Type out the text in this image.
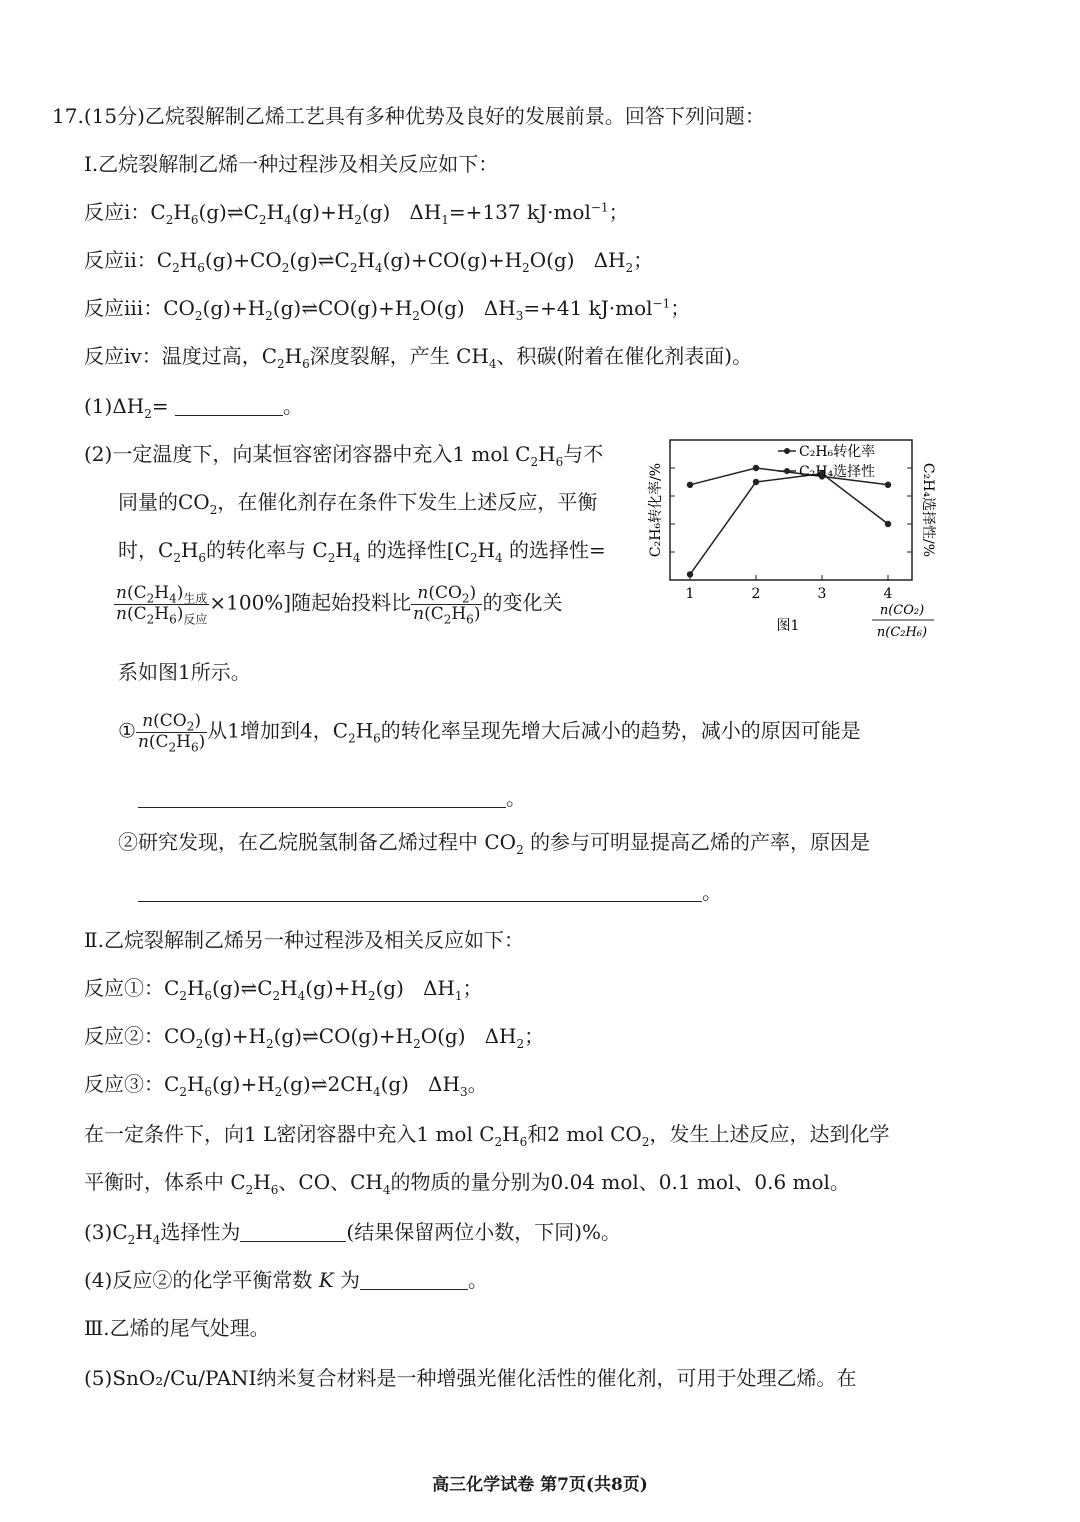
17.(15分)乙烷裂解制乙烯工艺具有多种优势及良好的发展前景。回答下列问题：
Ⅰ.乙烷裂解制乙烯一种过程涉及相关反应如下：
反应ⅰ：$C_2H_6(g)\rightleftharpoons C_2H_4(g)+H_2(g)$   $\Delta H_1=+137$ kJ·mol$^{-1}$；
反应ⅱ：$C_2H_6(g)+CO_2(g)\rightleftharpoons C_2H_4(g)+CO(g)+H_2O(g)$   $\Delta H_2$；
反应ⅲ：$CO_2(g)+H_2(g)\rightleftharpoons CO(g)+H_2O(g)$   $\Delta H_3=+41$ kJ·mol$^{-1}$；
反应ⅳ：温度过高，$C_2H_6$深度裂解，产生 $CH_4$、积碳(附着在催化剂表面)。
$(1)\Delta H_2=$	。
(2)一定温度下，向某恒容密闭容器中充入1 mol $C_2H_6$与不
同量的$CO_2$，在催化剂存在条件下发生上述反应，平衡
时，$C_2H_6$的转化率与 $C_2H_4$ 的选择性[$C_2H_4$ 的选择性=
$\frac{n(C_2H_4)_{生成}}{n(C_2H_6)_{反应}} \times 100\%$]随起始投料比 $\frac{n(CO_2)}{n(C_2H_6)}$ 的变化关
系如图1所示。
1	2	3	4
C₂H₆转化率
C₂H₄选择性
C₂H₆转化率/%	C₂H₄选择性/%
图1
n(CO₂)
n(C₂H₆)
① $\frac{n(CO_2)}{n(C_2H_6)}$ 从1增加到4，$C_2H_6$的转化率呈现先增大后减小的趋势，减小的原因可能是
。
②研究发现，在乙烷脱氢制备乙烯过程中 $CO_2$ 的参与可明显提高乙烯的产率，原因是
。
Ⅱ.乙烷裂解制乙烯另一种过程涉及相关反应如下：
反应①：$C_2H_6(g)\rightleftharpoons C_2H_4(g)+H_2(g)$   $\Delta H_1$；
反应②：$CO_2(g)+H_2(g)\rightleftharpoons CO(g)+H_2O(g)$   $\Delta H_2$；
反应③：$C_2H_6(g)+H_2(g)\rightleftharpoons 2CH_4(g)$   $\Delta H_3$。
在一定条件下，向1 L密闭容器中充入1 mol $C_2H_6$和2 mol $CO_2$，发生上述反应，达到化学
平衡时，体系中 $C_2H_6$、CO、$CH_4$的物质的量分别为0.04 mol、0.1 mol、0.6 mol。
$(3)C_2H_4$选择性为	(结果保留两位小数，下同)%。
(4)反应②的化学平衡常数 K 为	。
Ⅲ.乙烯的尾气处理。
(5)SnO₂/Cu/PANI纳米复合材料是一种增强光催化活性的催化剂，可用于处理乙烯。在
高三化学试卷 第7页(共8页)
